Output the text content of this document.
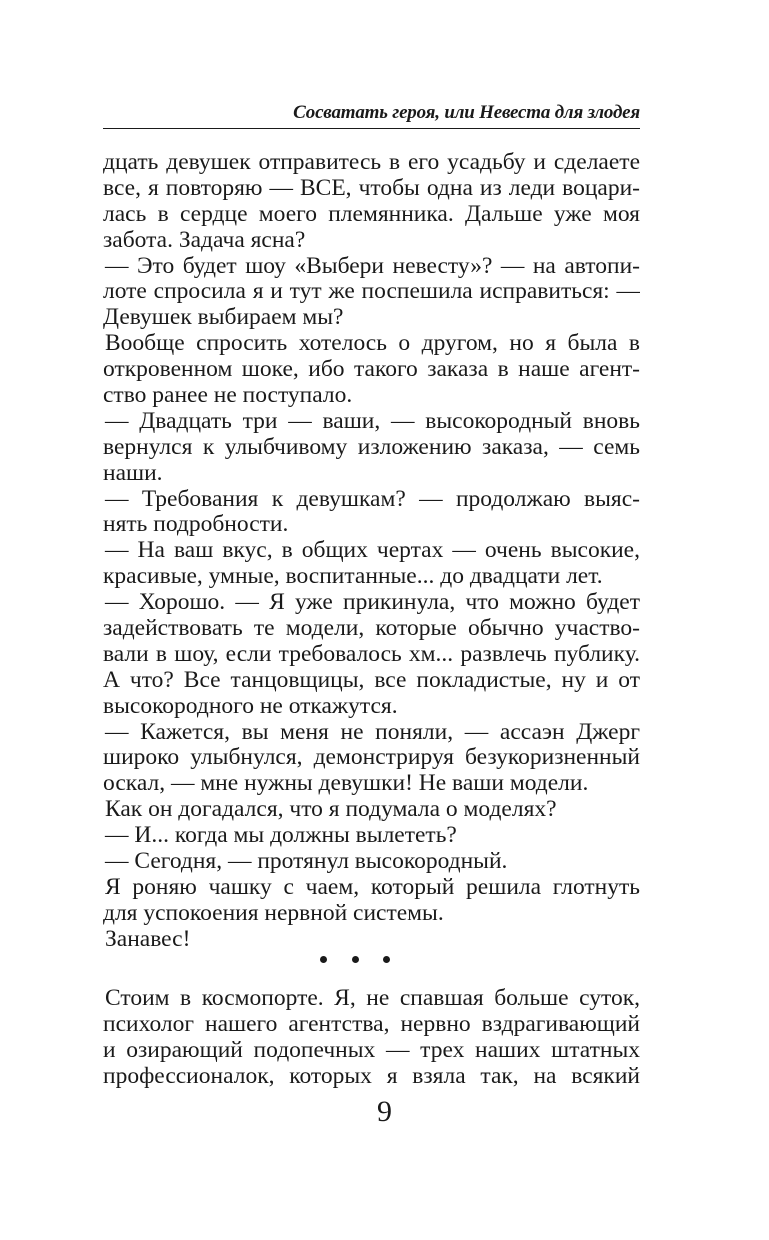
Сосватать героя, или Невеста для злодея
дцать девушек отправитесь в его усадьбу и сделаете
все, я повторяю — ВСЕ, чтобы одна из леди воцари-
лась в сердце моего племянника. Дальше уже моя
забота. Задача ясна?
— Это будет шоу «Выбери невесту»? — на автопи-
лоте спросила я и тут же поспешила исправиться: —
Девушек выбираем мы?
Вообще спросить хотелось о другом, но я была в
откровенном шоке, ибо такого заказа в наше агент-
ство ранее не поступало.
— Двадцать три — ваши, — высокородный вновь
вернулся к улыбчивому изложению заказа, — семь
наши.
— Требования к девушкам? — продолжаю выяс-
нять подробности.
— На ваш вкус, в общих чертах — очень высокие,
красивые, умные, воспитанные... до двадцати лет.
— Хорошо. — Я уже прикинула, что можно будет
задействовать те модели, которые обычно участво-
вали в шоу, если требовалось хм... развлечь публику.
А что? Все танцовщицы, все покладистые, ну и от
высокородного не откажутся.
— Кажется, вы меня не поняли, — ассаэн Джерг
широко улыбнулся, демонстрируя безукоризненный
оскал, — мне нужны девушки! Не ваши модели.
Как он догадался, что я подумала о моделях?
— И... когда мы должны вылететь?
— Сегодня, — протянул высокородный.
Я роняю чашку с чаем, который решила глотнуть
для успокоения нервной системы.
Занавес!
Стоим в космопорте. Я, не спавшая больше суток,
психолог нашего агентства, нервно вздрагивающий
и озирающий подопечных — трех наших штатных
профессионалок, которых я взяла так, на всякий
9
